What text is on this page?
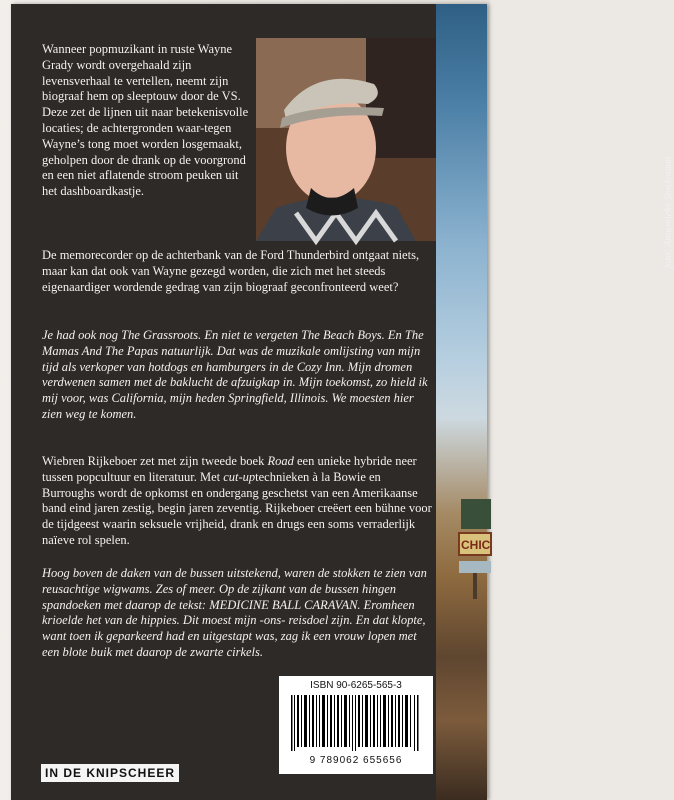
CHIC
foto: Annemieke Stockmann

Wanneer popmuzikant in ruste Wayne Grady wordt overgehaald zijn levensverhaal te vertellen, neemt zijn biograaf hem op sleeptouw door de VS. Deze zet de lijnen uit naar betekenisvolle locaties; de achtergronden waar-tegen Wayne’s tong moet worden losgemaakt, geholpen door de drank op de voorgrond en een niet aflatende stroom peuken uit het dashboardkastje.

De memorecorder op de achterbank van de Ford Thunderbird ontgaat niets, maar kan dat ook van Wayne gezegd worden, die zich met het steeds eigenaardiger wordende gedrag van zijn biograaf geconfronteerd weet?

Je had ook nog The Grassroots. En niet te vergeten The Beach Boys. En The Mamas And The Papas natuurlijk. Dat was de muzikale omlijsting van mijn tijd als verkoper van hotdogs en hamburgers in de Cozy Inn. Mijn dromen verdwenen samen met de baklucht de afzuigkap in. Mijn toekomst, zo hield ik mij voor, was California, mijn heden Springfield, Illinois. We moesten hier zien weg te komen.

Wiebren Rijkeboer zet met zijn tweede boek Road een unieke hybride neer tussen popcultuur en literatuur. Met cut-uptechnieken à la Bowie en Burroughs wordt de opkomst en ondergang geschetst van een Amerikaanse band eind jaren zestig, begin jaren zeventig. Rijkeboer creëert een bühne voor de tijdgeest waarin seksuele vrijheid, drank en drugs een soms verraderlijk naïeve rol spelen.

Hoog boven de daken van de bussen uitstekend, waren de stokken te zien van reusachtige wigwams. Zes of meer. Op de zijkant van de bussen hingen spandoeken met daarop de tekst: MEDICINE BALL CARAVAN. Eromheen krioelde het van de hippies. Dit moest mijn -ons- reisdoel zijn. En dat klopte, want toen ik geparkeerd had en uitgestapt was, zag ik een vrouw lopen met een blote buik met daarop de zwarte cirkels.

ISBN 90-6265-565-3
9 789062 655656
IN DE KNIPSCHEER
